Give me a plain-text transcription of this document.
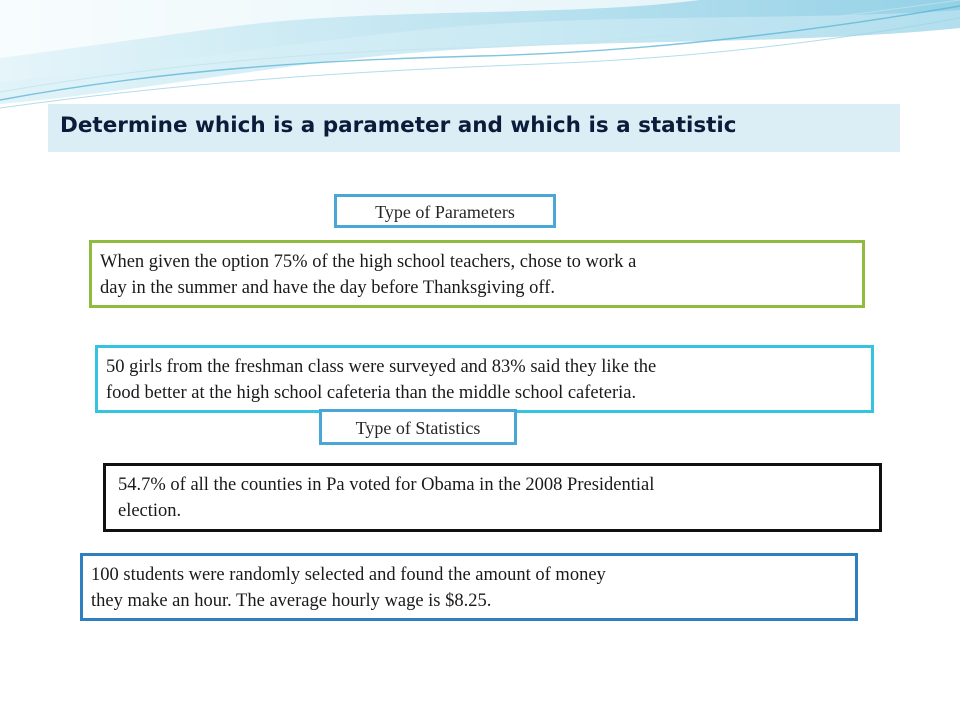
Determine which is a parameter and which is a statistic
Type of Parameters
When given the option 75% of the high school teachers, chose to work a
day in the summer and have the day before Thanksgiving off.
50 girls from the freshman class were surveyed and 83% said they like the
food better at the high school cafeteria than the middle school cafeteria.
Type of Statistics
54.7% of all the counties in Pa voted for Obama in the 2008 Presidential
election.
100 students were randomly selected and found the amount of money
they make an hour. The average hourly wage is $8.25.
